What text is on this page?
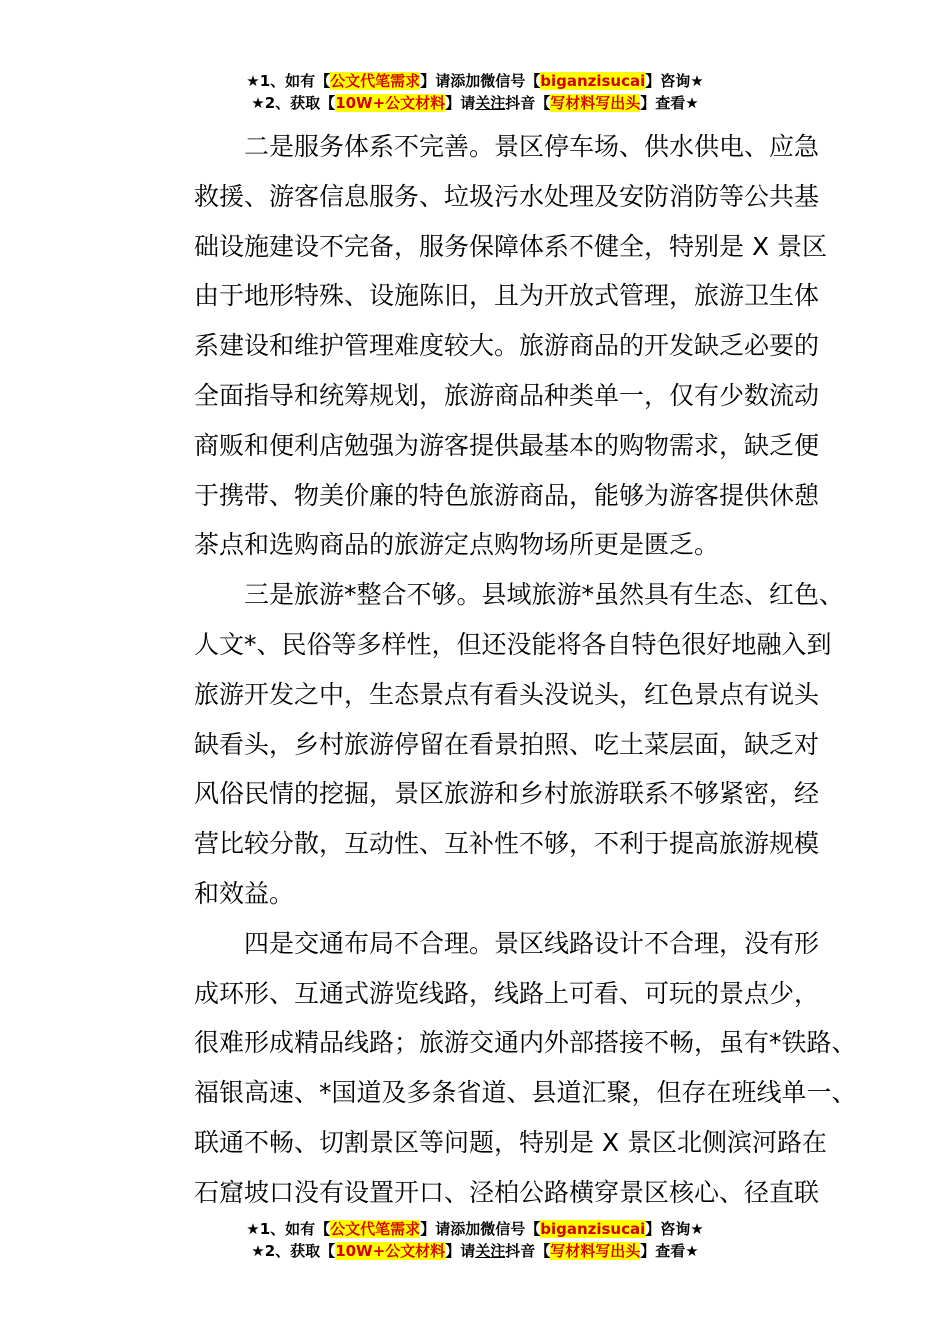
★1、如有【公文代笔需求】请添加微信号【biganzisucai】咨询★
★2、获取【10W+公文材料】请关注抖音【写材料写出头】查看★
二是服务体系不完善。景区停车场、供水供电、应急
救援、游客信息服务、垃圾污水处理及安防消防等公共基
础设施建设不完备，服务保障体系不健全，特别是 X 景区
由于地形特殊、设施陈旧，且为开放式管理，旅游卫生体
系建设和维护管理难度较大。旅游商品的开发缺乏必要的
全面指导和统筹规划，旅游商品种类单一，仅有少数流动
商贩和便利店勉强为游客提供最基本的购物需求，缺乏便
于携带、物美价廉的特色旅游商品，能够为游客提供休憩
茶点和选购商品的旅游定点购物场所更是匮乏。
三是旅游*整合不够。县域旅游*虽然具有生态、红色、
人文*、民俗等多样性，但还没能将各自特色很好地融入到
旅游开发之中，生态景点有看头没说头，红色景点有说头
缺看头，乡村旅游停留在看景拍照、吃土菜层面，缺乏对
风俗民情的挖掘，景区旅游和乡村旅游联系不够紧密，经
营比较分散，互动性、互补性不够，不利于提高旅游规模
和效益。
四是交通布局不合理。景区线路设计不合理，没有形
成环形、互通式游览线路，线路上可看、可玩的景点少，
很难形成精品线路；旅游交通内外部搭接不畅，虽有*铁路、
福银高速、*国道及多条省道、县道汇聚，但存在班线单一、
联通不畅、切割景区等问题，特别是 X 景区北侧滨河路在
石窟坡口没有设置开口、泾柏公路横穿景区核心、径直联
★1、如有【公文代笔需求】请添加微信号【biganzisucai】咨询★
★2、获取【10W+公文材料】请关注抖音【写材料写出头】查看★
